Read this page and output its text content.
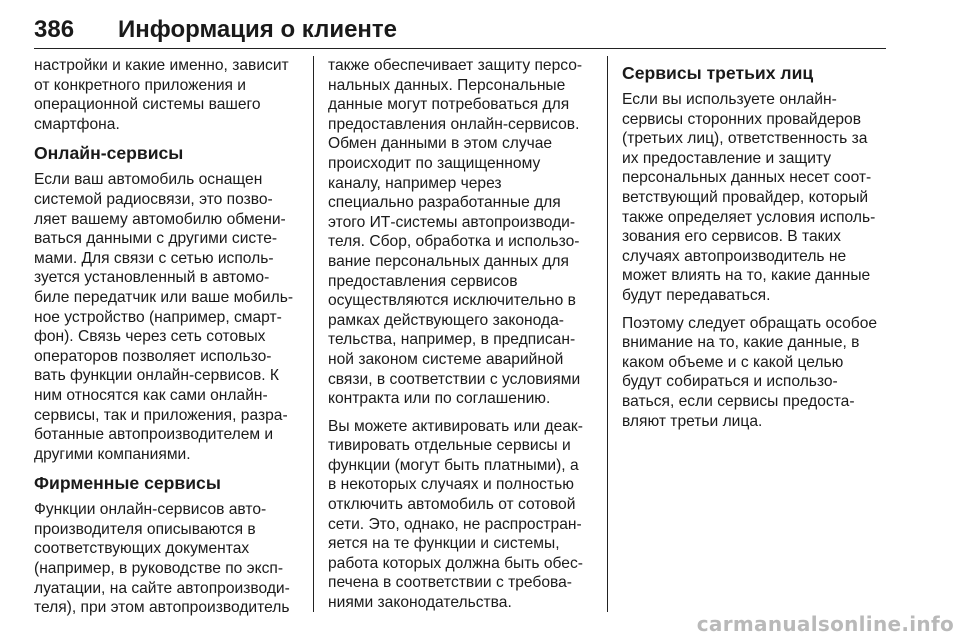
386 Информация о клиенте
настройки и какие именно, зависит
от конкретного приложения и
операционной системы вашего
смартфона.
Онлайн-сервисы
Если ваш автомобиль оснащен
системой радиосвязи, это позво-
ляет вашему автомобилю обмени-
ваться данными с другими систе-
мами. Для связи с сетью исполь-
зуется установленный в автомо-
биле передатчик или ваше мобиль-
ное устройство (например, смарт-
фон). Связь через сеть сотовых
операторов позволяет использо-
вать функции онлайн-сервисов. К
ним относятся как сами онлайн-
сервисы, так и приложения, разра-
ботанные автопроизводителем и
другими компаниями.
Фирменные сервисы
Функции онлайн-сервисов авто-
производителя описываются в
соответствующих документах
(например, в руководстве по эксп-
луатации, на сайте автопроизводи-
теля), при этом автопроизводитель
также обеспечивает защиту персо-
нальных данных. Персональные
данные могут потребоваться для
предоставления онлайн-сервисов.
Обмен данными в этом случае
происходит по защищенному
каналу, например через
специально разработанные для
этого ИТ-системы автопроизводи-
теля. Сбор, обработка и использо-
вание персональных данных для
предоставления сервисов
осуществляются исключительно в
рамках действующего законода-
тельства, например, в предписан-
ной законом системе аварийной
связи, в соответствии с условиями
контракта или по соглашению.
Вы можете активировать или деак-
тивировать отдельные сервисы и
функции (могут быть платными), а
в некоторых случаях и полностью
отключить автомобиль от сотовой
сети. Это, однако, не распростран-
яется на те функции и системы,
работа которых должна быть обес-
печена в соответствии с требова-
ниями законодательства.
Сервисы третьих лиц
Если вы используете онлайн-
сервисы сторонних провайдеров
(третьих лиц), ответственность за
их предоставление и защиту
персональных данных несет соот-
ветствующий провайдер, который
также определяет условия исполь-
зования его сервисов. В таких
случаях автопроизводитель не
может влиять на то, какие данные
будут передаваться.
Поэтому следует обращать особое
внимание на то, какие данные, в
каком объеме и с какой целью
будут собираться и использо-
ваться, если сервисы предоста-
вляют третьи лица.
carmanualsonline.info
